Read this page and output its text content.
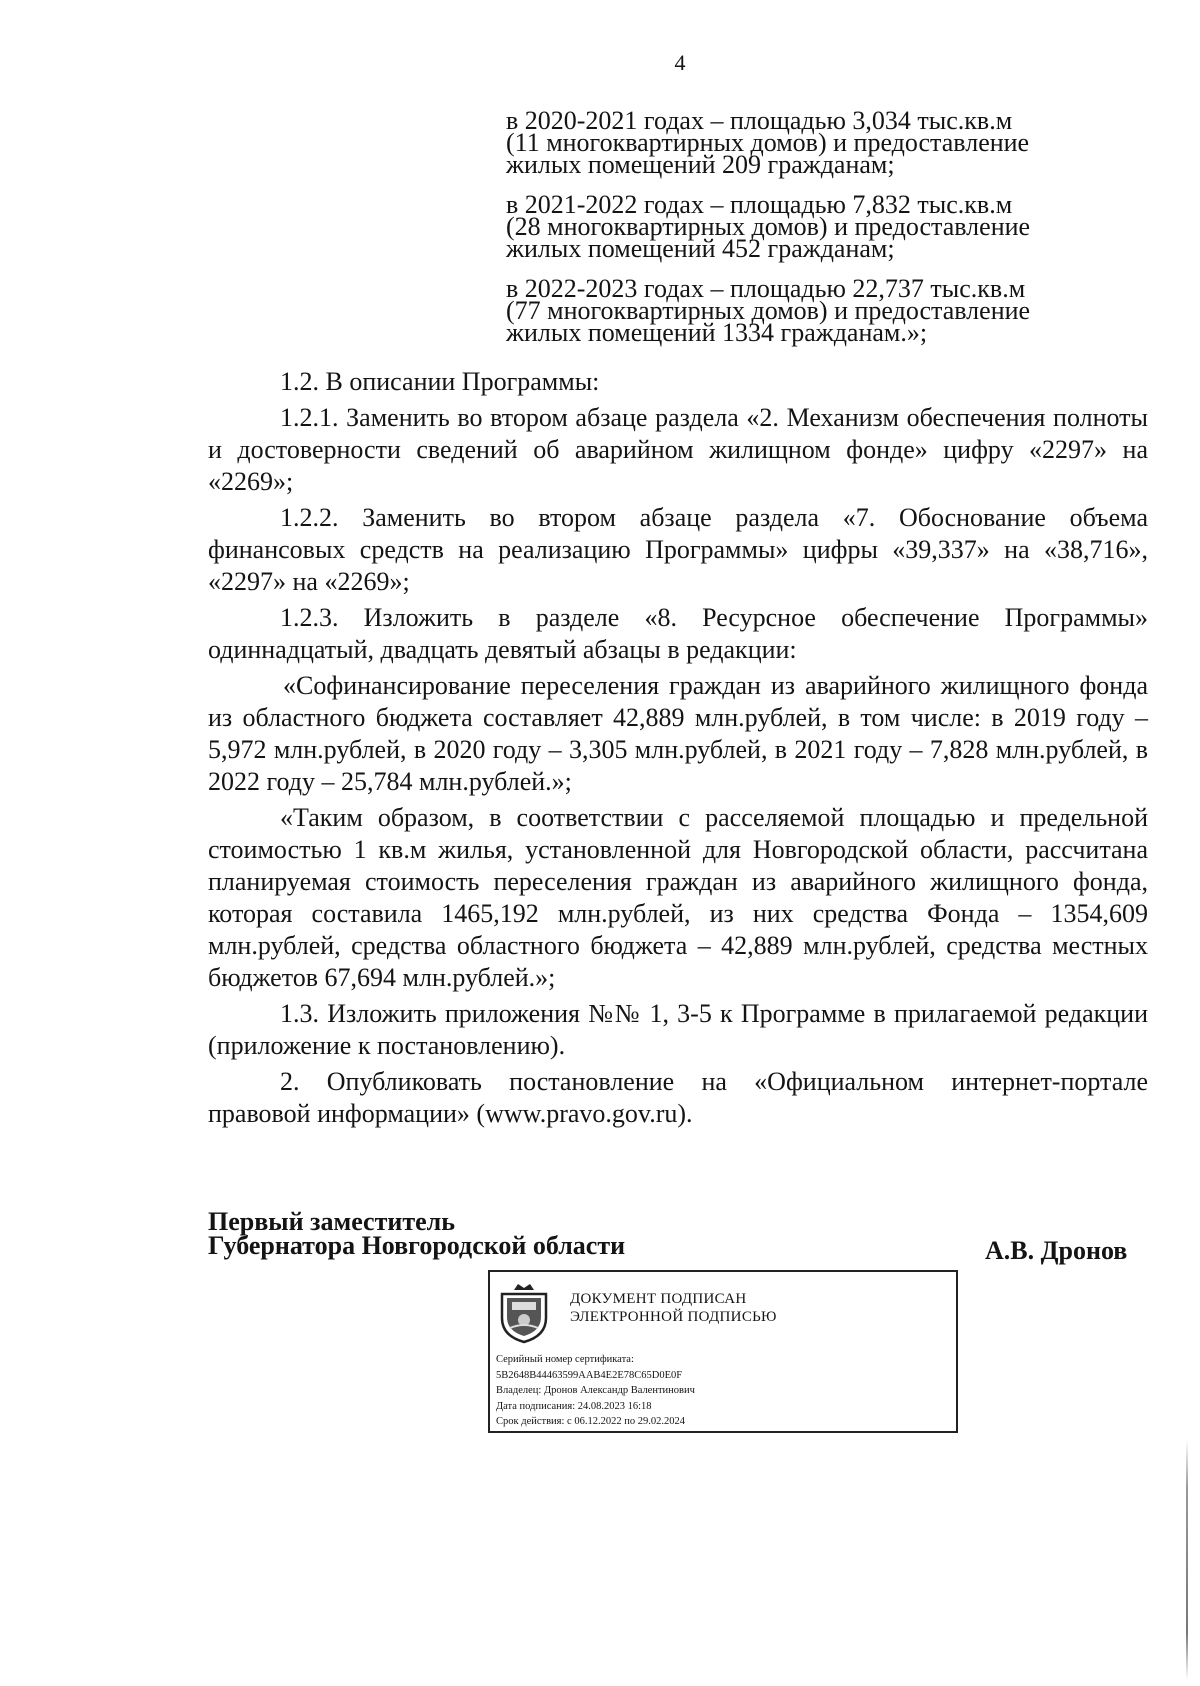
4
в 2020-2021 годах – площадью 3,034 тыс.кв.м
(11 многоквартирных домов) и предоставление
жилых помещений 209 гражданам;
в 2021-2022 годах – площадью 7,832 тыс.кв.м
(28 многоквартирных домов) и предоставление
жилых помещений 452 гражданам;
в 2022-2023 годах – площадью 22,737 тыс.кв.м
(77 многоквартирных домов) и предоставление
жилых помещений 1334 гражданам.»;

1.2. В описании Программы:

1.2.1. Заменить во втором абзаце раздела «2. Механизм обеспечения полноты и достоверности сведений об аварийном жилищном фонде» цифру «2297» на «2269»;

1.2.2. Заменить во втором абзаце раздела «7. Обоснование объема финансовых средств на реализацию Программы» цифры «39,337» на «38,716», «2297» на «2269»;

1.2.3. Изложить в разделе «8. Ресурсное обеспечение Программы» одиннадцатый, двадцать девятый абзацы в редакции:

«Софинансирование переселения граждан из аварийного жилищного фонда из областного бюджета составляет 42,889 млн.рублей, в том числе: в 2019 году – 5,972 млн.рублей, в 2020 году – 3,305 млн.рублей, в 2021 году – 7,828 млн.рублей, в 2022 году – 25,784 млн.рублей.»;

«Таким образом, в соответствии с расселяемой площадью и предельной стоимостью 1 кв.м жилья, установленной для Новгородской области, рассчитана планируемая стоимость переселения граждан из аварийного жилищного фонда, которая составила 1465,192 млн.рублей, из них средства Фонда – 1354,609 млн.рублей, средства областного бюджета – 42,889 млн.рублей, средства местных бюджетов 67,694 млн.рублей.»;

1.3. Изложить приложения №№ 1, 3-5 к Программе в прилагаемой редакции (приложение к постановлению).

2. Опубликовать постановление на «Официальном интернет-портале правовой информации» (www.pravo.gov.ru).

Первый заместитель
Губернатора Новгородской области	А.В. Дронов
ДОКУМЕНТ ПОДПИСАН
ЭЛЕКТРОННОЙ ПОДПИСЬЮ
Серийный номер сертификата:
5B2648B44463599AAB4E2E78C65D0E0F
Владелец: Дронов Александр Валентинович
Дата подписания: 24.08.2023 16:18
Срок действия: с 06.12.2022 по 29.02.2024
